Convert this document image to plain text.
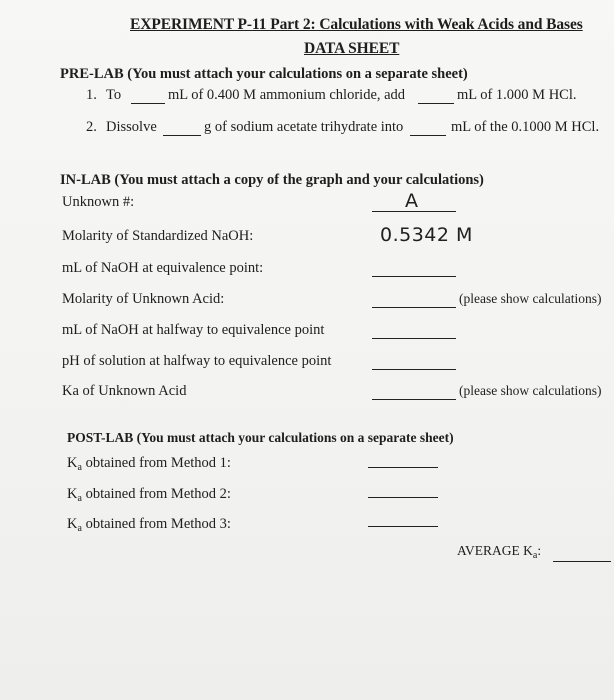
EXPERIMENT P-11 Part 2: Calculations with Weak Acids and Bases
DATA SHEET
PRE-LAB (You must attach your calculations on a separate sheet)
1. To	mL of 0.400 M ammonium chloride, add	mL of 1.000 M HCl.
2. Dissolve	g of sodium acetate trihydrate into	mL of the 0.1000 M HCl.
IN-LAB (You must attach a copy of the graph and your calculations)
Unknown #:	A
Molarity of Standardized NaOH:	0.5342 M
mL of NaOH at equivalence point:
Molarity of Unknown Acid:	(please show calculations)
mL of NaOH at halfway to equivalence point
pH of solution at halfway to equivalence point
Ka of Unknown Acid	(please show calculations)
POST-LAB (You must attach your calculations on a separate sheet)
$K_a$ obtained from Method 1:
$K_a$ obtained from Method 2:
$K_a$ obtained from Method 3:
AVERAGE $K_a$:
